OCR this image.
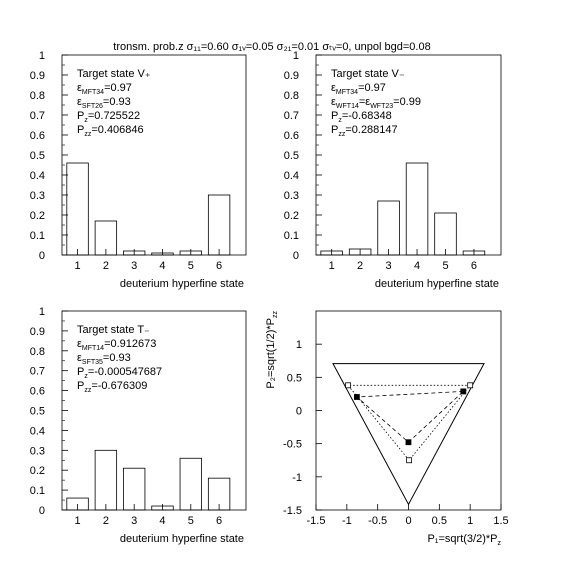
tronsm. prob.z σ₁₁=0.60 σ₁ᵥ=0.05 σ₂₁=0.01 σₜᵥ=0, unpol bgd=0.08
0
0.1
0.2
0.3
0.4
0.5
0.6
0.7
0.8
0.9
1
1 2 3 4 5 6
deuterium hyperfine state
Target state V₊
$\varepsilon_{MFT34}=0.97$
$\varepsilon_{SFT26}=0.93$
$P_z=0.725522$
$P_{zz}=0.406846$
0
0.1
0.2
0.3
0.4
0.5
0.6
0.7
0.8
0.9
1
1 2 3 4 5 6
deuterium hyperfine state
Target state V₋
$\varepsilon_{MFT34}=0.97$
$\varepsilon_{WFT14}=\varepsilon_{WFT23}=0.99$
$P_z=-0.68348$
$P_{zz}=0.288147$
0
0.1
0.2
0.3
0.4
0.5
0.6
0.7
0.8
0.9
1
1 2 3 4 5 6
deuterium hyperfine state
Target state T₋
$\varepsilon_{MFT14}=0.912673$
$\varepsilon_{SFT35}=0.93$
$P_z=-0.000547687$
$P_{zz}=-0.676309$
-1.5 -1 -0.5 0 0.5 1 1.5
-1.5
-1
-0.5
0
0.5
1
$P_1=sqrt(3/2)*P_z$
$P_2=sqrt(1/2)*P_{zz}$
